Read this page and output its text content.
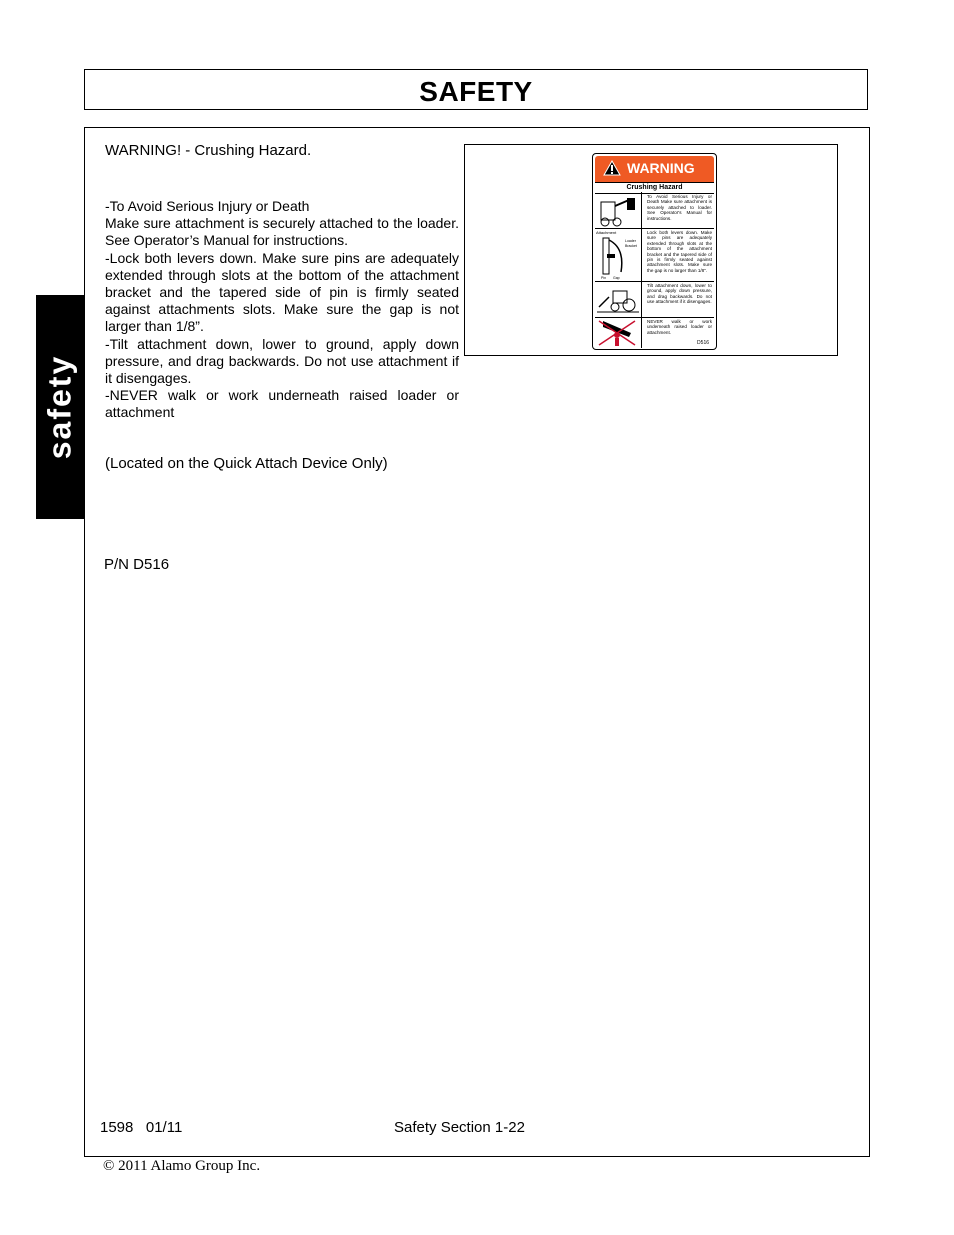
SAFETY
safety
WARNING! - Crushing Hazard.

-To Avoid Serious Injury or Death

Make sure attachment is securely attached to the loader. See Operator’s Manual for instructions.

-Lock both levers down. Make sure pins are adequately extended through slots at the bottom of the attachment bracket and the tapered side of pin is firmly seated against attachments slots. Make sure the gap is not larger than 1/8”.

-Tilt attachment down, lower to ground, apply down pressure, and drag backwards. Do not use attachment if it disengages.

-NEVER walk or work underneath raised loader or attachment

(Located on the Quick Attach Device Only)
P/N D516
WARNING
Crushing Hazard
To Avoid Serious Injury or Death Make sure attachment is securely attached to loader. See Operator's Manual for instructions.
Attachment
Loader
Bracket
Pin Gap
Lock both levers down. Make sure pins are adequately extended through slots at the bottom of the attachment bracket and the tapered side of pin is firmly seated against attachment slots. Make sure the gap is no larger than 1/8".
Tilt attachment down, lower to ground, apply down pressure, and drag backwards. Do not use attachment if it disengages.
NEVER walk or work underneath raised loader or attachment.
D516
1598   01/11	Safety Section 1-22
© 2011 Alamo Group Inc.
